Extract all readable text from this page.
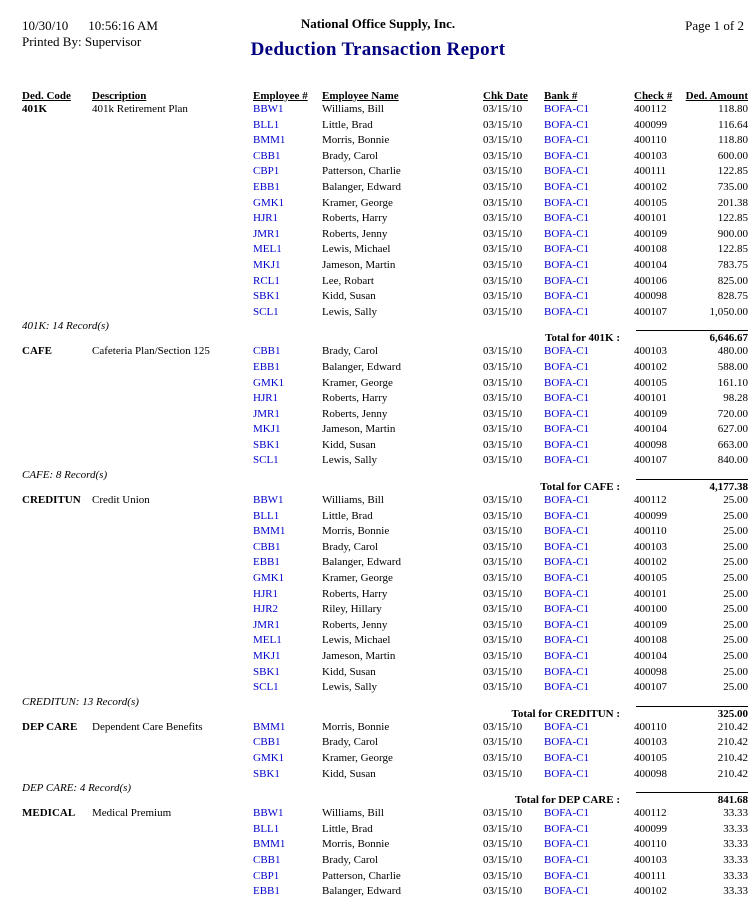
10/30/10 10:56:16 AM
Printed By: Supervisor
National Office Supply, Inc.
Deduction Transaction Report
Page 1 of 2
Ded. Code	Description	Employee #	Employee Name	Chk Date	Bank #	Check #	Ded. Amount
401K	401k Retirement Plan	BBW1	Williams, Bill	03/15/10	BOFA-C1	400112	118.80
BLL1	Little, Brad	03/15/10	BOFA-C1	400099	116.64
BMM1	Morris, Bonnie	03/15/10	BOFA-C1	400110	118.80
CBB1	Brady, Carol	03/15/10	BOFA-C1	400103	600.00
CBP1	Patterson, Charlie	03/15/10	BOFA-C1	400111	122.85
EBB1	Balanger, Edward	03/15/10	BOFA-C1	400102	735.00
GMK1	Kramer, George	03/15/10	BOFA-C1	400105	201.38
HJR1	Roberts, Harry	03/15/10	BOFA-C1	400101	122.85
JMR1	Roberts, Jenny	03/15/10	BOFA-C1	400109	900.00
MEL1	Lewis, Michael	03/15/10	BOFA-C1	400108	122.85
MKJ1	Jameson, Martin	03/15/10	BOFA-C1	400104	783.75
RCL1	Lee, Robart	03/15/10	BOFA-C1	400106	825.00
SBK1	Kidd, Susan	03/15/10	BOFA-C1	400098	828.75
SCL1	Lewis, Sally	03/15/10	BOFA-C1	400107	1,050.00
401K: 14 Record(s)
Total for 401K :	6,646.67
CAFE	Cafeteria Plan/Section 125	CBB1	Brady, Carol	03/15/10	BOFA-C1	400103	480.00
EBB1	Balanger, Edward	03/15/10	BOFA-C1	400102	588.00
GMK1	Kramer, George	03/15/10	BOFA-C1	400105	161.10
HJR1	Roberts, Harry	03/15/10	BOFA-C1	400101	98.28
JMR1	Roberts, Jenny	03/15/10	BOFA-C1	400109	720.00
MKJ1	Jameson, Martin	03/15/10	BOFA-C1	400104	627.00
SBK1	Kidd, Susan	03/15/10	BOFA-C1	400098	663.00
SCL1	Lewis, Sally	03/15/10	BOFA-C1	400107	840.00
CAFE: 8 Record(s)
Total for CAFE :	4,177.38
CREDITUN	Credit Union	BBW1	Williams, Bill	03/15/10	BOFA-C1	400112	25.00
BLL1	Little, Brad	03/15/10	BOFA-C1	400099	25.00
BMM1	Morris, Bonnie	03/15/10	BOFA-C1	400110	25.00
CBB1	Brady, Carol	03/15/10	BOFA-C1	400103	25.00
EBB1	Balanger, Edward	03/15/10	BOFA-C1	400102	25.00
GMK1	Kramer, George	03/15/10	BOFA-C1	400105	25.00
HJR1	Roberts, Harry	03/15/10	BOFA-C1	400101	25.00
HJR2	Riley, Hillary	03/15/10	BOFA-C1	400100	25.00
JMR1	Roberts, Jenny	03/15/10	BOFA-C1	400109	25.00
MEL1	Lewis, Michael	03/15/10	BOFA-C1	400108	25.00
MKJ1	Jameson, Martin	03/15/10	BOFA-C1	400104	25.00
SBK1	Kidd, Susan	03/15/10	BOFA-C1	400098	25.00
SCL1	Lewis, Sally	03/15/10	BOFA-C1	400107	25.00
CREDITUN: 13 Record(s)
Total for CREDITUN :	325.00
DEP CARE	Dependent Care Benefits	BMM1	Morris, Bonnie	03/15/10	BOFA-C1	400110	210.42
CBB1	Brady, Carol	03/15/10	BOFA-C1	400103	210.42
GMK1	Kramer, George	03/15/10	BOFA-C1	400105	210.42
SBK1	Kidd, Susan	03/15/10	BOFA-C1	400098	210.42
DEP CARE: 4 Record(s)
Total for DEP CARE :	841.68
MEDICAL	Medical Premium	BBW1	Williams, Bill	03/15/10	BOFA-C1	400112	33.33
BLL1	Little, Brad	03/15/10	BOFA-C1	400099	33.33
BMM1	Morris, Bonnie	03/15/10	BOFA-C1	400110	33.33
CBB1	Brady, Carol	03/15/10	BOFA-C1	400103	33.33
CBP1	Patterson, Charlie	03/15/10	BOFA-C1	400111	33.33
EBB1	Balanger, Edward	03/15/10	BOFA-C1	400102	33.33
